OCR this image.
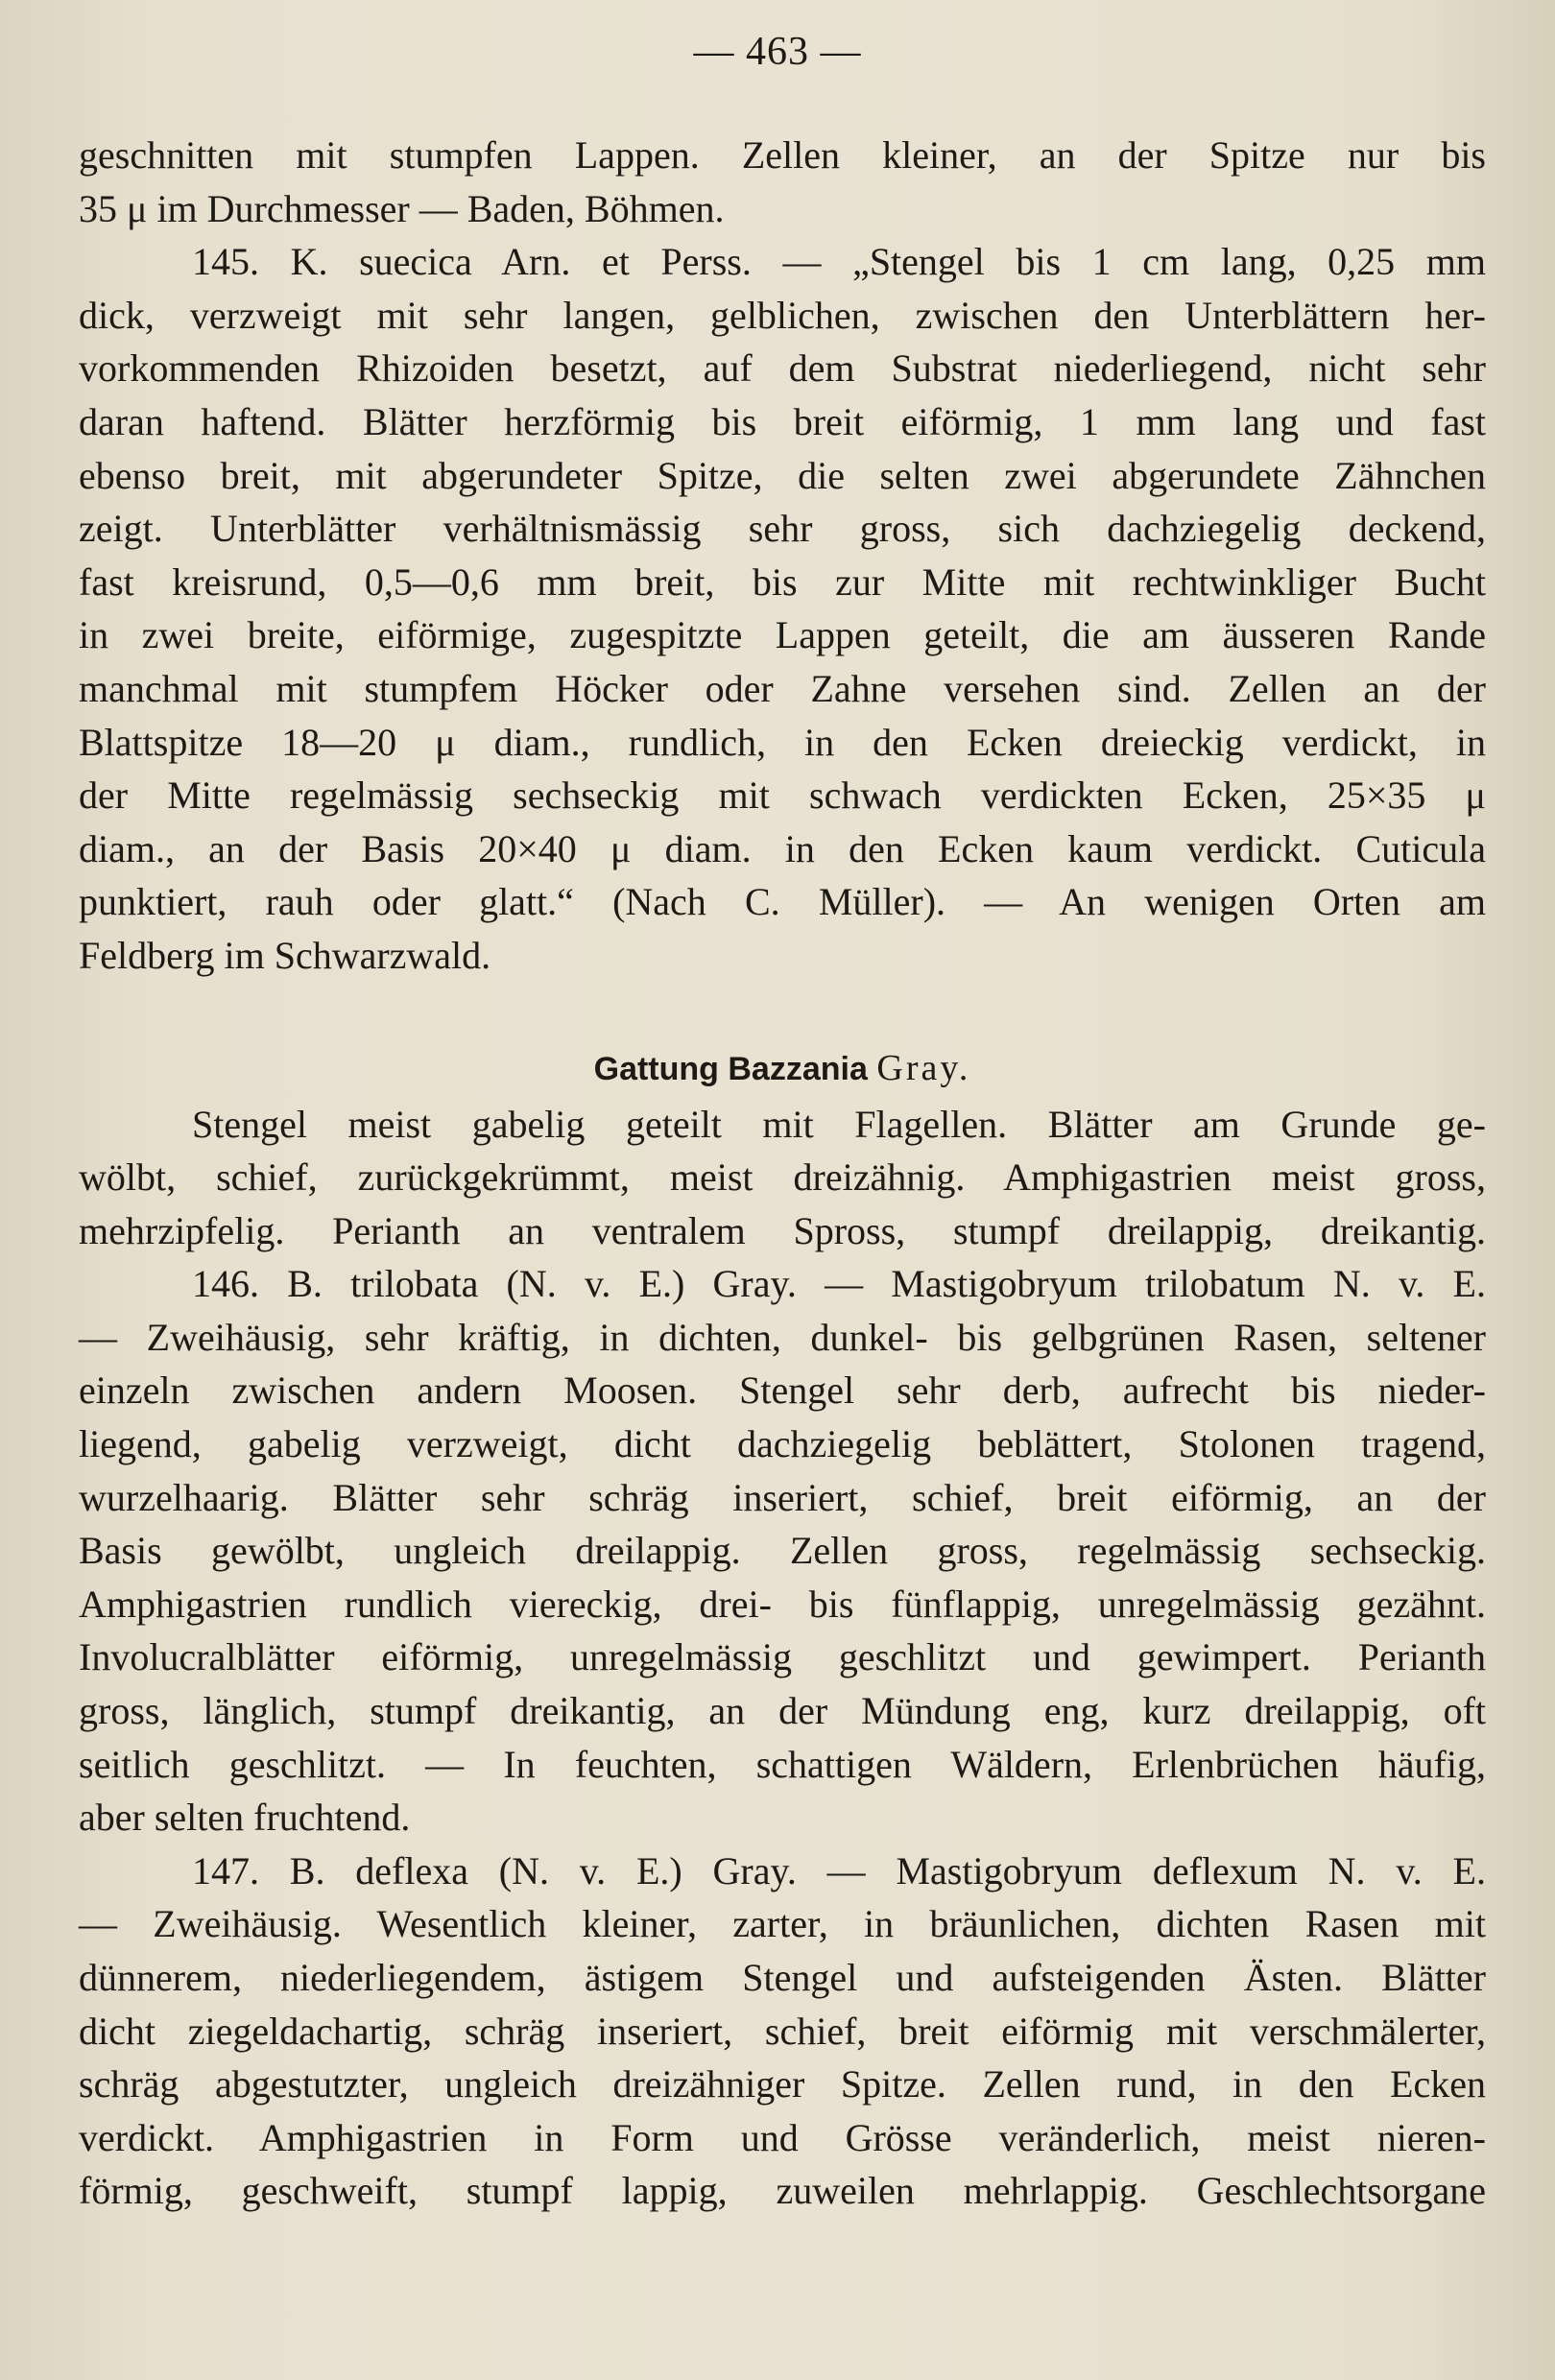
— 463 —
geschnitten mit stumpfen Lappen. Zellen kleiner, an der Spitze nur bis
35 μ im Durchmesser — Baden, Böhmen.
145. K. suecica Arn. et Perss. — „Stengel bis 1 cm lang, 0,25 mm
dick, verzweigt mit sehr langen, gelblichen, zwischen den Unterblättern her-
vorkommenden Rhizoiden besetzt, auf dem Substrat niederliegend, nicht sehr
daran haftend. Blätter herzförmig bis breit eiförmig, 1 mm lang und fast
ebenso breit, mit abgerundeter Spitze, die selten zwei abgerundete Zähnchen
zeigt. Unterblätter verhältnismässig sehr gross, sich dachziegelig deckend,
fast kreisrund, 0,5—0,6 mm breit, bis zur Mitte mit rechtwinkliger Bucht
in zwei breite, eiförmige, zugespitzte Lappen geteilt, die am äusseren Rande
manchmal mit stumpfem Höcker oder Zahne versehen sind. Zellen an der
Blattspitze 18—20 μ diam., rundlich, in den Ecken dreieckig verdickt, in
der Mitte regelmässig sechseckig mit schwach verdickten Ecken, 25×35 μ
diam., an der Basis 20×40 μ diam. in den Ecken kaum verdickt. Cuticula
punktiert, rauh oder glatt.“ (Nach C. Müller). — An wenigen Orten am
Feldberg im Schwarzwald.
Gattung Bazzania Gray.
Stengel meist gabelig geteilt mit Flagellen. Blätter am Grunde ge-
wölbt, schief, zurückgekrümmt, meist dreizähnig. Amphigastrien meist gross,
mehrzipfelig. Perianth an ventralem Spross, stumpf dreilappig, dreikantig.
146. B. trilobata (N. v. E.) Gray. — Mastigobryum trilobatum N. v. E.
— Zweihäusig, sehr kräftig, in dichten, dunkel- bis gelbgrünen Rasen, seltener
einzeln zwischen andern Moosen. Stengel sehr derb, aufrecht bis nieder-
liegend, gabelig verzweigt, dicht dachziegelig beblättert, Stolonen tragend,
wurzelhaarig. Blätter sehr schräg inseriert, schief, breit eiförmig, an der
Basis gewölbt, ungleich dreilappig. Zellen gross, regelmässig sechseckig.
Amphigastrien rundlich viereckig, drei- bis fünflappig, unregelmässig gezähnt.
Involucralblätter eiförmig, unregelmässig geschlitzt und gewimpert. Perianth
gross, länglich, stumpf dreikantig, an der Mündung eng, kurz dreilappig, oft
seitlich geschlitzt. — In feuchten, schattigen Wäldern, Erlenbrüchen häufig,
aber selten fruchtend.
147. B. deflexa (N. v. E.) Gray. — Mastigobryum deflexum N. v. E.
— Zweihäusig. Wesentlich kleiner, zarter, in bräunlichen, dichten Rasen mit
dünnerem, niederliegendem, ästigem Stengel und aufsteigenden Ästen. Blätter
dicht ziegeldachartig, schräg inseriert, schief, breit eiförmig mit verschmälerter,
schräg abgestutzter, ungleich dreizähniger Spitze. Zellen rund, in den Ecken
verdickt. Amphigastrien in Form und Grösse veränderlich, meist nieren-
förmig, geschweift, stumpf lappig, zuweilen mehrlappig. Geschlechtsorgane
